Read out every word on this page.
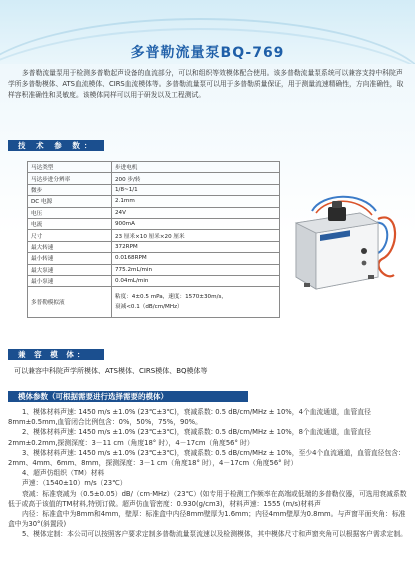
多普勒流量泵BQ-769
多普勒流量泵用于检测多普勒起声设备的血流部分，可以和组织等效模体配合使用。该多普勒流量泵系统可以兼容支持中科院声学所多普勒模体、ATS血流模体、CIRS血流模体等。多普勒流量泵可以用于多普勒质量保证，用于测量流速精确性，方向准确性，取样容积准确性和灵敏度。该模体同样可以用于研发以及工程测试。
技 术 参 数：
马达类型	步进电机
马达步进分辨率	200 步/转
微步	1/8~1/1
DC 电源	2.1mm
电压	24V
电流	900mA
尺寸	23 厘米×10 厘米×20 厘米
最大转速	372RPM
最小转速	0.0168RPM
最大泵速	775.2mL/min
最小泵速	0.04mL/min
多普勒模拟液	粘度：4±0.5 mPa，速度：1570±30m/s，
衰减<0.1（dB/cm/MHz）
兼 容 模 体：
可以兼容中科院声学所模体、ATS模体、CIRS模体、BQ模体等
模体参数（可根据需要进行选择需要的模体）

1、模体材料声速: 1450 m/s ±1.0% (23℃±3℃)，衰减系数: 0.5 dB/cm/MHz ± 10%，4个血流通道，血管直径8mm±0.5mm,血管闭合比例包含：0%，50%，75%，90%。

2、模体材料声速: 1450 m/s ±1.0% (23℃±3℃)，衰减系数: 0.5 dB/cm/MHz ± 10%，8个血流通道，血管直径2mm±0.2mm,探测深度：3－11 cm（角度18° 时），4－17cm（角度56° 时）

3、模体材料声速: 1450 m/s ±1.0% (23℃±3℃)，衰减系数: 0.5 dB/cm/MHz ± 10%，至少4个血流通道，血管直径包含：2mm、4mm、6mm、8mm，探测深度：3－1 cm（角度18° 时），4－17cm（角度56° 时）

4、超声仿组织（TM）材料

声速：（1540±10）m/s（23℃）

衰减：标准衰减为（0.5±0.05）dB/（cm·MHz）（23℃）(如专用于检测工作频率在高端或低端的多普勒仪器，可选用衰减系数低于或高于该值的TM材料,特别订做。超声仿血管密度：0.930(g/cm3)，材料声速：1555 (m/s)材料声

内径：标准盒中为8mm和4mm，壁厚：标准盒中内径8mm壁厚为1.6mm；内径4mm壁厚为0.8mm。与声窗平面夹角：标准盒中为30°(斜置段)

5、模体定制：本公司可以按照客户要求定制多普勒流量泵流速以及检测模体，其中模体尺寸和声窗夹角可以根据客户需求定制。
